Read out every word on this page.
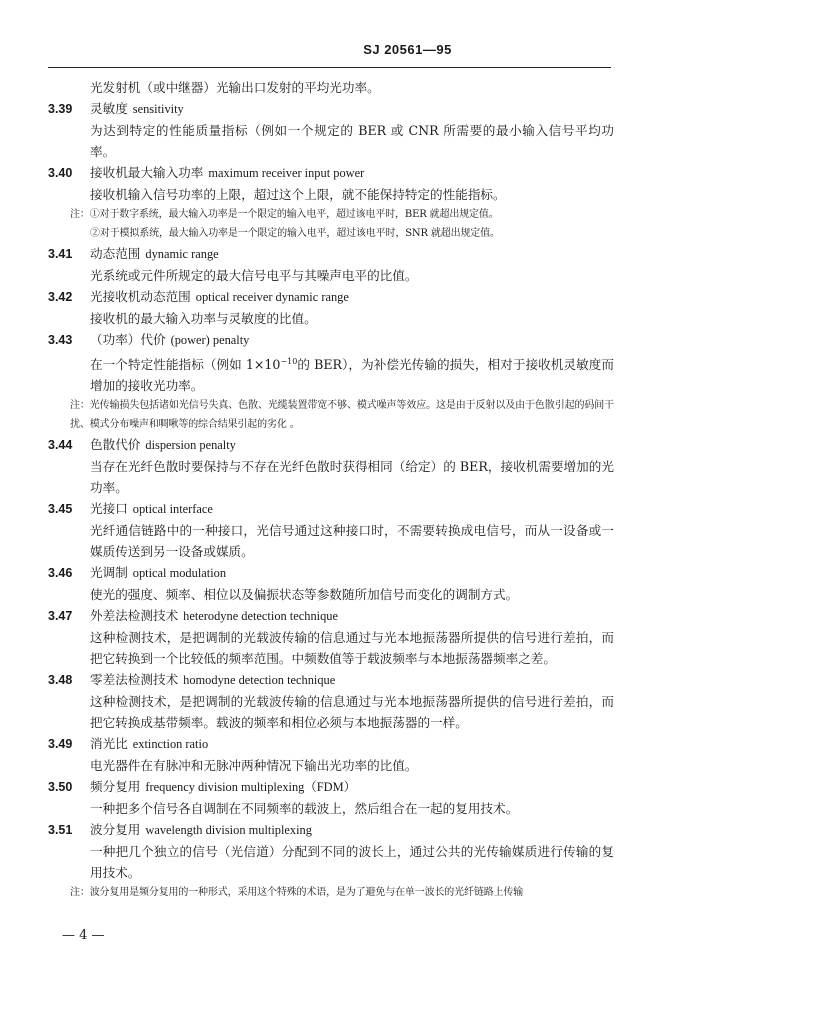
SJ 20561—95
光发射机（或中继器）光输出口发射的平均光功率。
3.39	灵敏度 sensitivity
为达到特定的性能质量指标（例如一个规定的 BER 或 CNR 所需要的最小输入信号平均功率。
3.40	接收机最大输入功率 maximum receiver input power
接收机输入信号功率的上限，超过这个上限，就不能保持特定的性能指标。
注：①对于数字系统，最大输入功率是一个限定的输入电平，超过该电平时，BER 就超出规定值。
②对于模拟系统，最大输入功率是一个限定的输入电平，超过该电平时，SNR 就超出规定值。
3.41	动态范围 dynamic range
光系统或元件所规定的最大信号电平与其噪声电平的比值。
3.42	光接收机动态范围 optical receiver dynamic range
接收机的最大输入功率与灵敏度的比值。
3.43	（功率）代价 (power) penalty
在一个特定性能指标（例如 $1\times 10^{-10}$的 BER），为补偿光传输的损失，相对于接收机灵敏度而增加的接收光功率。
注：光传输损失包括诸如光信号失真、色散、光缆装置带宽不够、模式噪声等效应。这是由于反射以及由于色散引起的码间干扰、模式分布噪声和啁啾等的综合结果引起的劣化 。
3.44	色散代价 dispersion penalty
当存在光纤色散时要保持与不存在光纤色散时获得相同（给定）的 BER，接收机需要增加的光功率。
3.45	光接口 optical interface
光纤通信链路中的一种接口，光信号通过这种接口时，不需要转换成电信号，而从一设备或一媒质传送到另一设备或媒质。
3.46	光调制 optical modulation
使光的强度、频率、相位以及偏振状态等参数随所加信号而变化的调制方式。
3.47	外差法检测技术 heterodyne detection technique
这种检测技术，是把调制的光载波传输的信息通过与光本地振荡器所提供的信号进行差拍，而把它转换到一个比较低的频率范围。中频数值等于载波频率与本地振荡器频率之差。
3.48	零差法检测技术 homodyne detection technique
这种检测技术，是把调制的光载波传输的信息通过与光本地振荡器所提供的信号进行差拍，而把它转换成基带频率。载波的频率和相位必须与本地振荡器的一样。
3.49	消光比 extinction ratio
电光器件在有脉冲和无脉冲两种情况下输出光功率的比值。
3.50	频分复用 frequency division multiplexing（FDM）
一种把多个信号各自调制在不同频率的载波上，然后组合在一起的复用技术。
3.51	波分复用 wavelength division multiplexing
一种把几个独立的信号（光信道）分配到不同的波长上，通过公共的光传输媒质进行传输的复用技术。
注：波分复用是频分复用的一种形式，采用这个特殊的术语，是为了避免与在单一波长的光纤链路上传输
— 4 —
